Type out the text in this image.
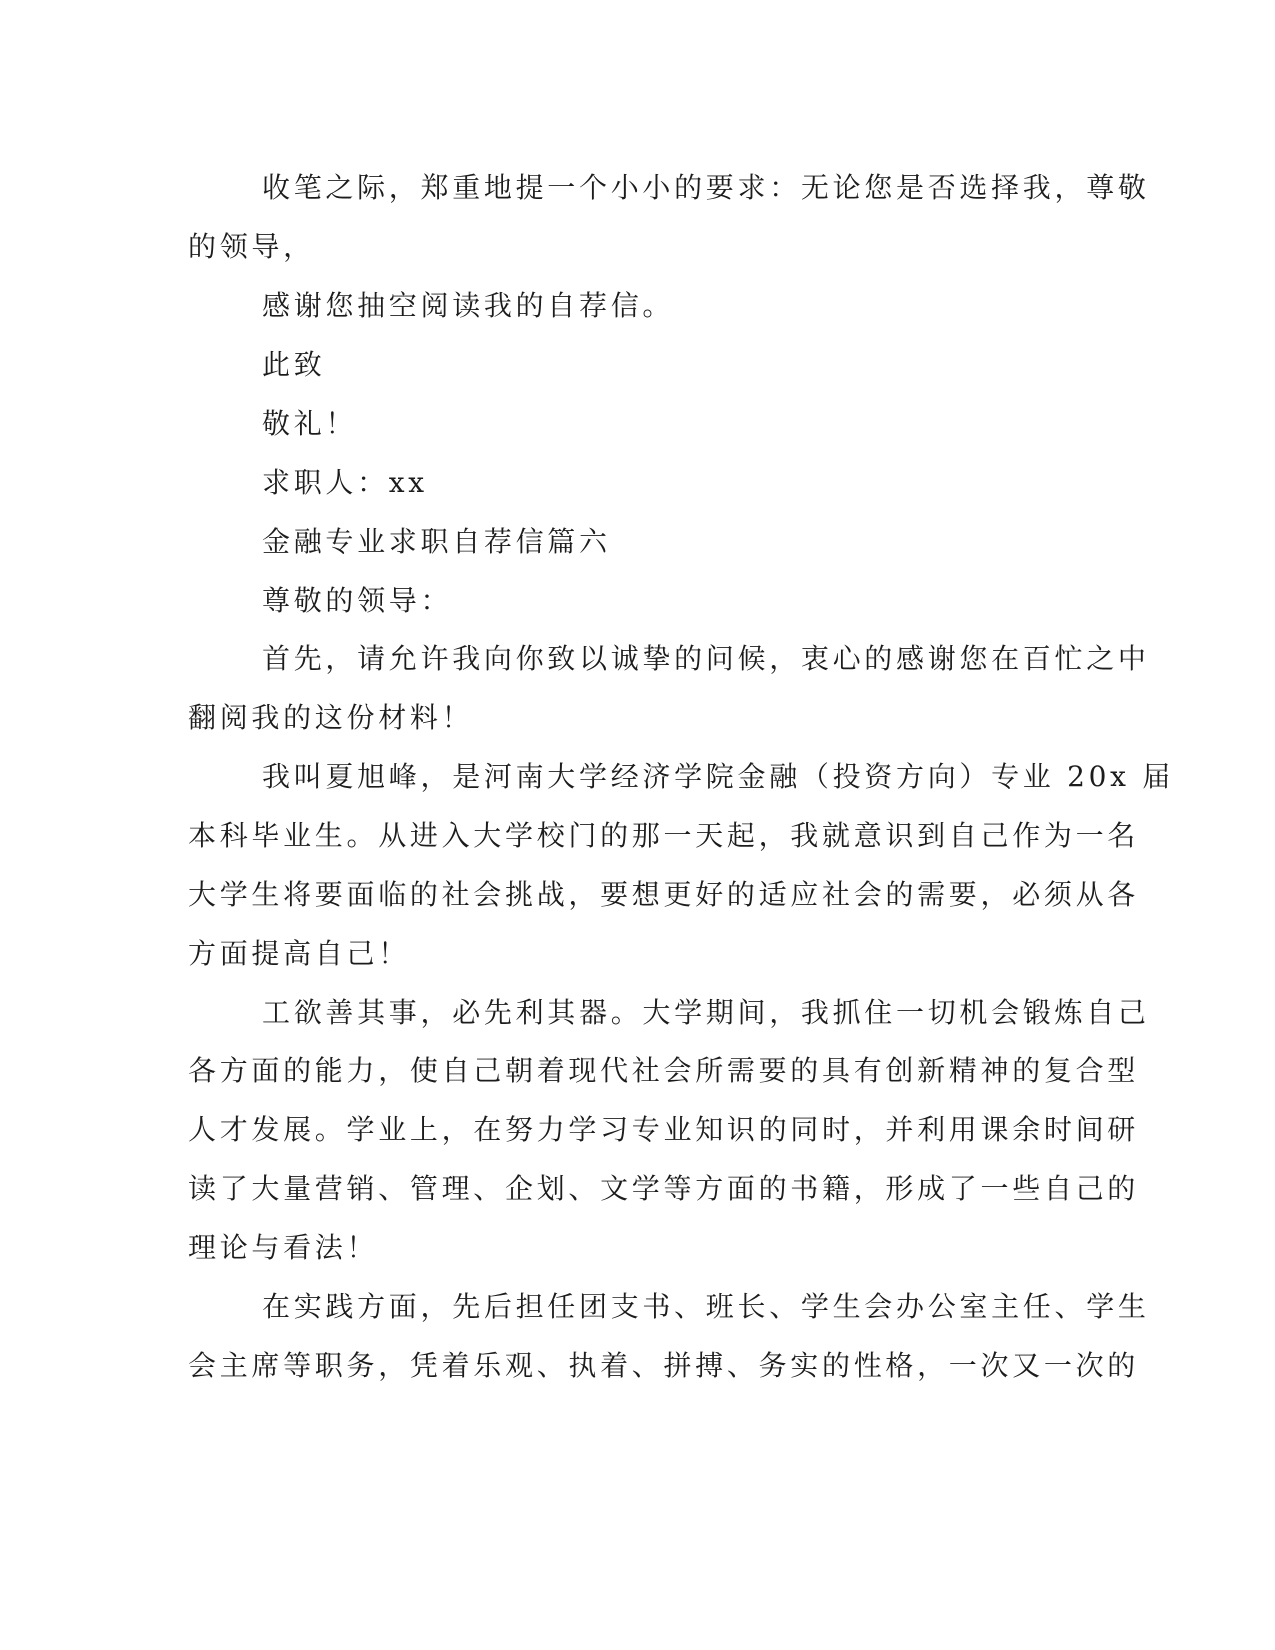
收笔之际，郑重地提一个小小的要求：无论您是否选择我，尊敬
的领导，
感谢您抽空阅读我的自荐信。
此致
敬礼！
求职人：xx
金融专业求职自荐信篇六
尊敬的领导：
首先，请允许我向你致以诚挚的问候，衷心的感谢您在百忙之中
翻阅我的这份材料！
我叫夏旭峰，是河南大学经济学院金融（投资方向）专业 20x 届
本科毕业生。从进入大学校门的那一天起，我就意识到自己作为一名
大学生将要面临的社会挑战，要想更好的适应社会的需要，必须从各
方面提高自己！
工欲善其事，必先利其器。大学期间，我抓住一切机会锻炼自己
各方面的能力，使自己朝着现代社会所需要的具有创新精神的复合型
人才发展。学业上，在努力学习专业知识的同时，并利用课余时间研
读了大量营销、管理、企划、文学等方面的书籍，形成了一些自己的
理论与看法！
在实践方面，先后担任团支书、班长、学生会办公室主任、学生
会主席等职务，凭着乐观、执着、拼搏、务实的性格，一次又一次的
